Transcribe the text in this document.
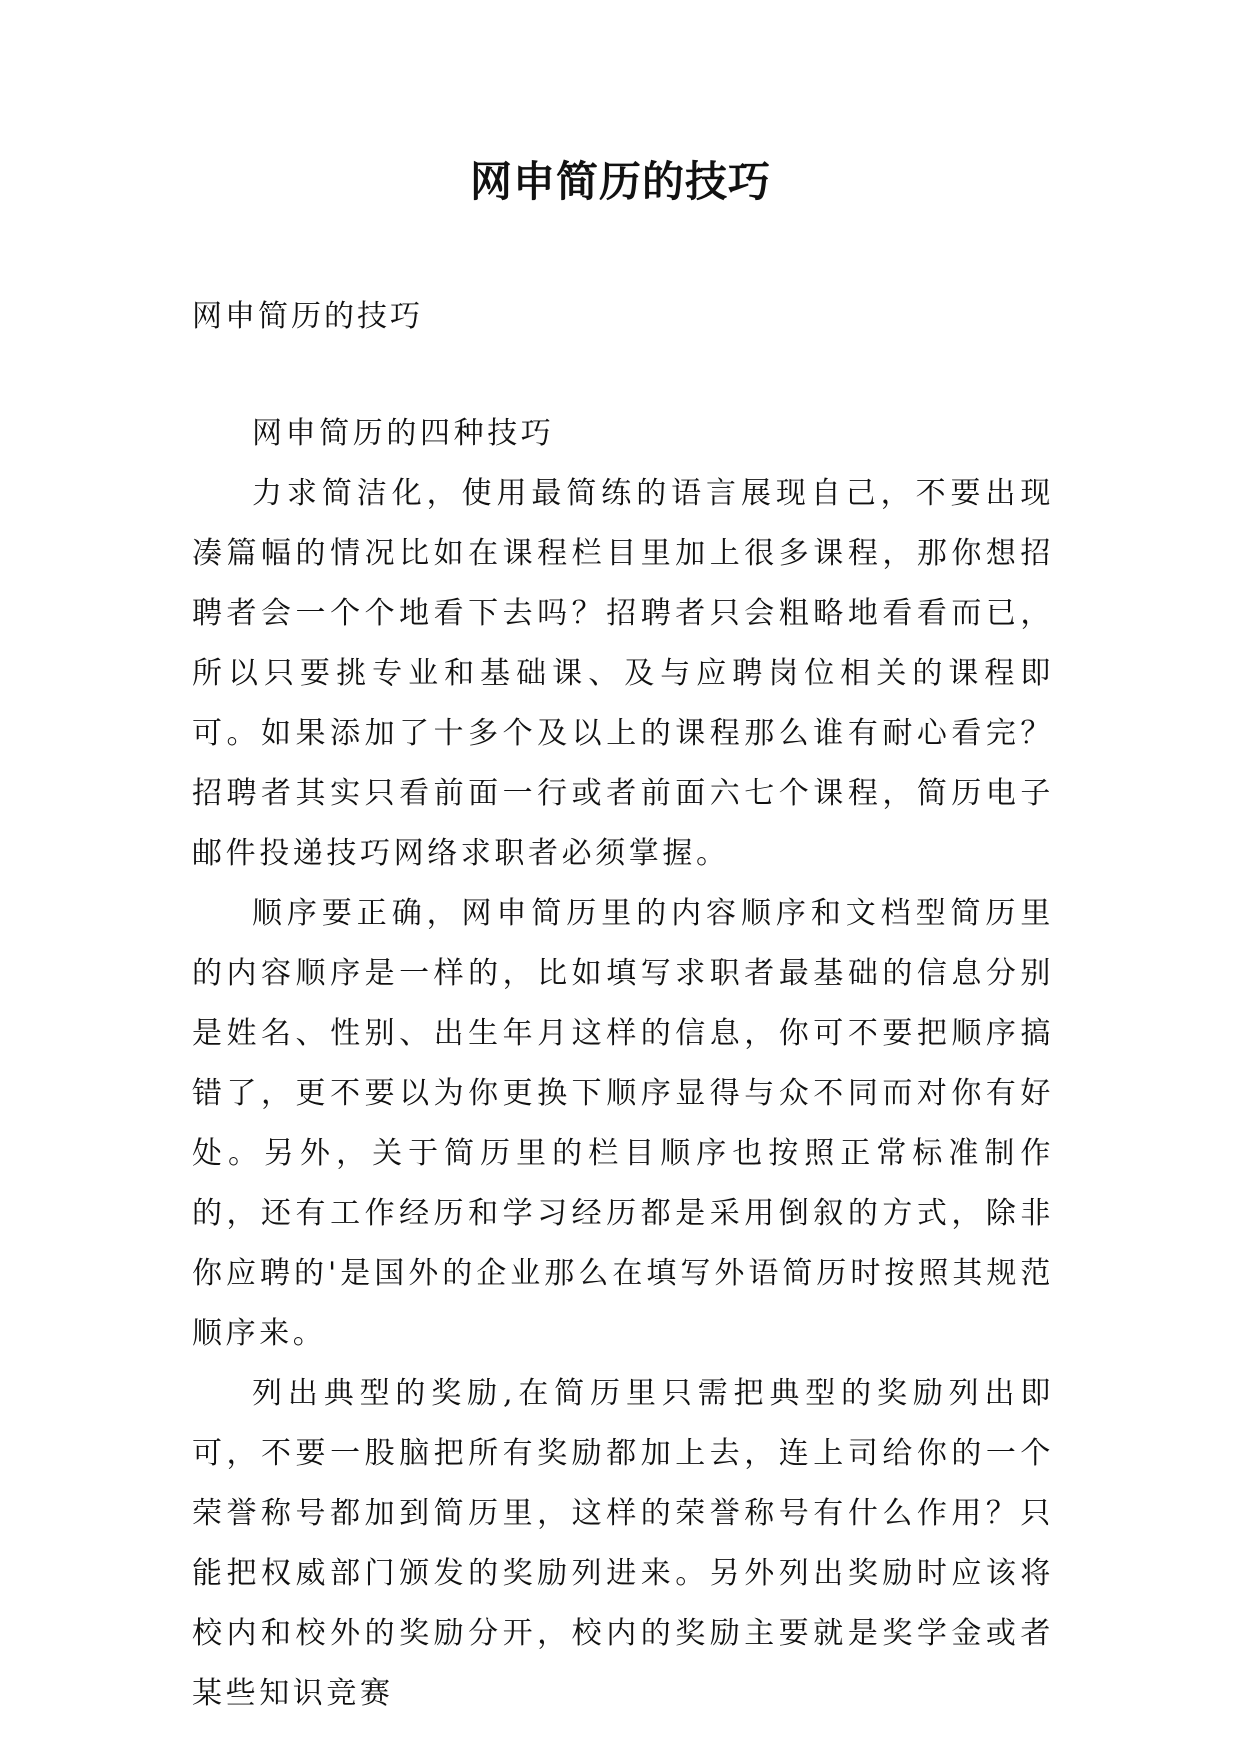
网申简历的技巧

网申简历的技巧

网申简历的四种技巧

力求简洁化，使用最简练的语言展现自己，不要出现凑篇幅的情况比如在课程栏目里加上很多课程，那你想招聘者会一个个地看下去吗？招聘者只会粗略地看看而已，所以只要挑专业和基础课、及与应聘岗位相关的课程即可。如果添加了十多个及以上的课程那么谁有耐心看完？招聘者其实只看前面一行或者前面六七个课程，简历电子邮件投递技巧网络求职者必须掌握。

顺序要正确，网申简历里的内容顺序和文档型简历里的内容顺序是一样的，比如填写求职者最基础的信息分别是姓名、性别、出生年月这样的信息，你可不要把顺序搞错了，更不要以为你更换下顺序显得与众不同而对你有好处。另外，关于简历里的栏目顺序也按照正常标准制作的，还有工作经历和学习经历都是采用倒叙的方式，除非你应聘的'是国外的企业那么在填写外语简历时按照其规范顺序来。

列出典型的奖励,在简历里只需把典型的奖励列出即可，不要一股脑把所有奖励都加上去，连上司给你的一个荣誉称号都加到简历里，这样的荣誉称号有什么作用？只能把权威部门颁发的奖励列进来。另外列出奖励时应该将校内和校外的奖励分开，校内的奖励主要就是奖学金或者某些知识竞赛
